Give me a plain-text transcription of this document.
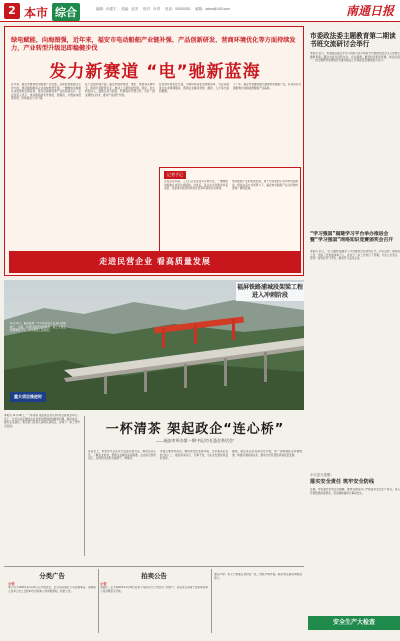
2 本市 综合	编辑：孙建宇 美编：赵芳 校对：叶青 电话：06300330 邮箱：adnw@163.com	南通日报
绿电赋能，向海图强，近年来，福安市电动船舶产业链补强、产品创新研发、营商环境优化等方面持续发力，产业转型升级迅即稳健步伐
发力新赛道 “电”驰新蓝海
近年来，福安市聚焦电动船舶产业发展，以新能源船舶为主攻方向，推动船舶制造企业加快转型升级。一艘艘电动船舶从这里驶向全国各地，成为沿海新能源产业的亮丽名片。企业负责人表示，电动船舶具有零排放、低噪音、运维成本低等优势，市场前景十分广阔。
在产业链补强方面，福安市围绕电池、电机、电控等关键环节，积极引进配套企业，推动上下游协同发展。同时，加大研发投入，鼓励企业与高校、科研院所开展合作，攻克一批关键核心技术，推动产品迭代升级。
在营商环境优化方面，当地持续深化放管服改革，为企业提供全生命周期服务，帮助企业解决用地、融资、人才等方面的难题。
下一步，福安市将继续做大做强电动船舶产业，打造具有全国影响力的新能源船舶产业基地。
记者手记
走进企业车间，工人们正在紧张有序地作业，一艘艘电动船舶在这里完成组装。这背后，是企业对创新的执着追求，也是地方政府持续优化营商环境的生动体现。
电动船舶产业的快速发展，离不开政策的引导和市场的推动。相信在各方共同努力下，福安电动船舶产业必将驶向更加广阔的蓝海。
走进民营企业 看高质量发展
市委政法委主题教育第二期读书班交流研讨会举行
本报讯 近日，市委政法委召开学习贯彻习近平新时代中国特色社会主义思想主题教育第二期读书班交流研讨会。会议强调，要坚持学思用贯通、知信行统一，把主题教育成果转化为推动政法工作高质量发展的强大动力。
“学习强国”福建学习平台举办推进会暨“学习强国”网络知识竞赛颁奖会召开
本报讯 近日，“学习强国”福建学习平台推进会在我市召开。会议总结了前阶段工作，表彰了先进集体和个人，并对下一步工作进行了部署。与会人员表示，将进一步用好学习平台，推动学习走深走实。
市安委办提醒：
落实安全责任 筑牢安全防线
近期，市安委办发布安全提醒，要求各地各部门严格落实安全生产责任，深入开展隐患排查整治，坚决遏制重特大事故发生。
安全生产大检查
福屏铁路浦城段架梁工程进入冲刺阶段
11月13日，福屏高速一号大桥项目正在进行架梁施工。目前，该项目建设进展顺利，施工人员正抢抓晴好天气，全力推进工程进度。
重大项目推进时
本报讯 11月18日，“一杯清茶 架起政企连心桥”政企座谈会举行。会上，与会企业家围绕企业发展中遇到的困难和问题，畅所欲言，提出意见建议。相关部门负责人现场认真回应，并就下一步工作作出安排。	一杯清茶 架起政企“连心桥”
——福安市举办第一期“书记市长恳企茶话会”
茶话会上，市领导与企业家代表面对面交流，倾听企业心声，了解企业诉求，帮助企业解决实际困难。企业家们纷纷表示，这样的交流形式接地气、效果好。
市委主要领导指出，要持续优化营商环境，当好服务企业的“店小二”，做到有求必应、无事不扰，为企业发展创造良好条件。
据悉，恳企茶话会将常态化开展，进一步畅通政企沟通渠道，构建亲清政商关系，推动全市民营经济高质量发展。
分类广告
公告
本公司于2023年11月24日召开股东会，会议审议通过公司注销事宜。请债权人自本公告之日起45日内向本公司申报债权。特此公告。
拍卖公告
公告
受委托，定于2023年11月30日在本公司拍卖厅公开拍卖一批资产。有意竞买者请于拍卖前到本公司办理竞买手续。
遗失声明：本人不慎遗失身份证一张，特此声明作废。联系电话请咨询相关部门。
